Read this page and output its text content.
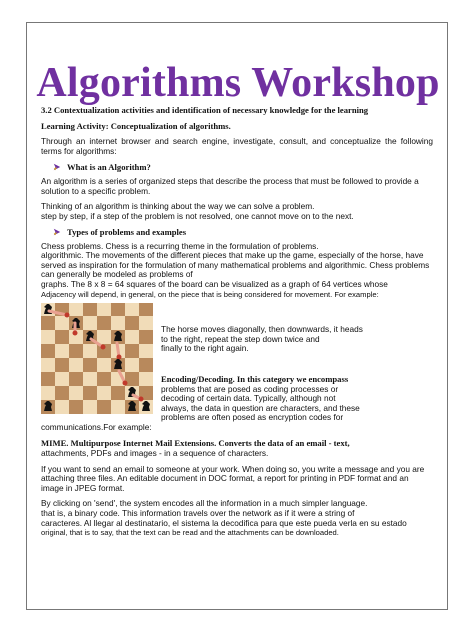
Algorithms Workshop

3.2 Contextualization activities and identification of necessary knowledge for the learning

Learning Activity: Conceptualization of algorithms.

Through an internet browser and search engine, investigate, consult, and conceptualize the following terms for algorithms:

What is an Algorithm?

An algorithm is a series of organized steps that describe the process that must be followed to provide a solution to a specific problem.

Thinking of an algorithm is thinking about the way we can solve a problem.
step by step, if a step of the problem is not resolved, one cannot move on to the next.

Types of problems and examples

Chess problems. Chess is a recurring theme in the formulation of problems.

algorithmic. The movements of the different pieces that make up the game, especially of the horse, have served as inspiration for the formulation of many mathematical problems and algorithmic. Chess problems can generally be modeled as problems of

graphs. The 8 x 8 = 64 squares of the board can be visualized as a graph of 64 vertices whose

Adjacency will depend, in general, on the piece that is being considered for movement. For example:

The horse moves diagonally, then downwards, it heads
to the right, repeat the step down twice and
finally to the right again.

Encoding/Decoding. In this category we encompass
problems that are posed as coding processes or
decoding of certain data. Typically, although not
always, the data in question are characters, and these
problems are often posed as encryption codes for

communications.For example:

MIME. Multipurpose Internet Mail Extensions. Converts the data of an email - text,
attachments, PDFs and images - in a sequence of characters.

If you want to send an email to someone at your work. When doing so, you write a message and you are attaching three files. An editable document in DOC format, a report for printing in PDF format and an image in JPEG format.

By clicking on 'send', the system encodes all the information in a much simpler language.
that is, a binary code. This information travels over the network as if it were a string of
caracteres. Al llegar al destinatario, el sistema la decodifica para que este pueda verla en su estado
original, that is to say, that the text can be read and the attachments can be downloaded.
